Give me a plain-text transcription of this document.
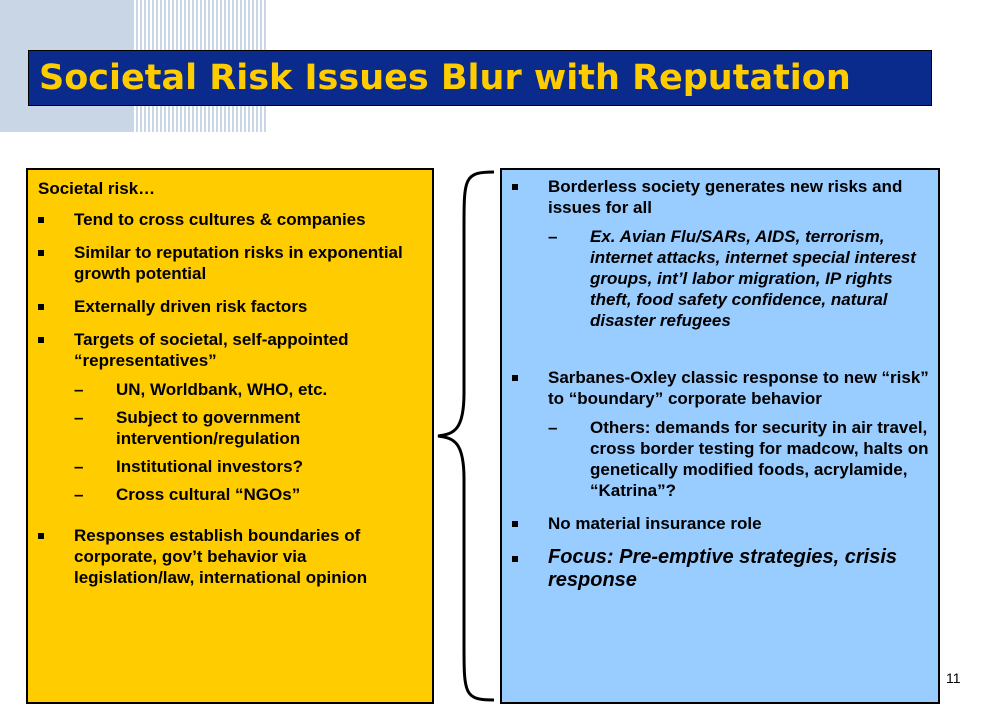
Societal Risk Issues Blur with Reputation

Societal risk…

Tend to cross cultures & companies
Similar to reputation risks in exponential growth potential
Externally driven risk factors
Targets of societal, self-appointed “representatives”
– UN, Worldbank, WHO, etc.
– Subject to government intervention/regulation
– Institutional investors?
– Cross cultural “NGOs”
Responses establish boundaries of corporate, gov’t behavior via legislation/law, international opinion
Borderless society generates new risks and issues for all
– Ex. Avian Flu/SARs, AIDS, terrorism, internet attacks, internet special interest groups, int’l labor migration, IP rights theft, food safety confidence, natural disaster refugees
Sarbanes-Oxley classic response to new “risk” to “boundary” corporate behavior
– Others: demands for security in air travel, cross border testing for madcow, halts on genetically modified foods, acrylamide, “Katrina”?
No material insurance role
Focus: Pre-emptive strategies, crisis response
11
